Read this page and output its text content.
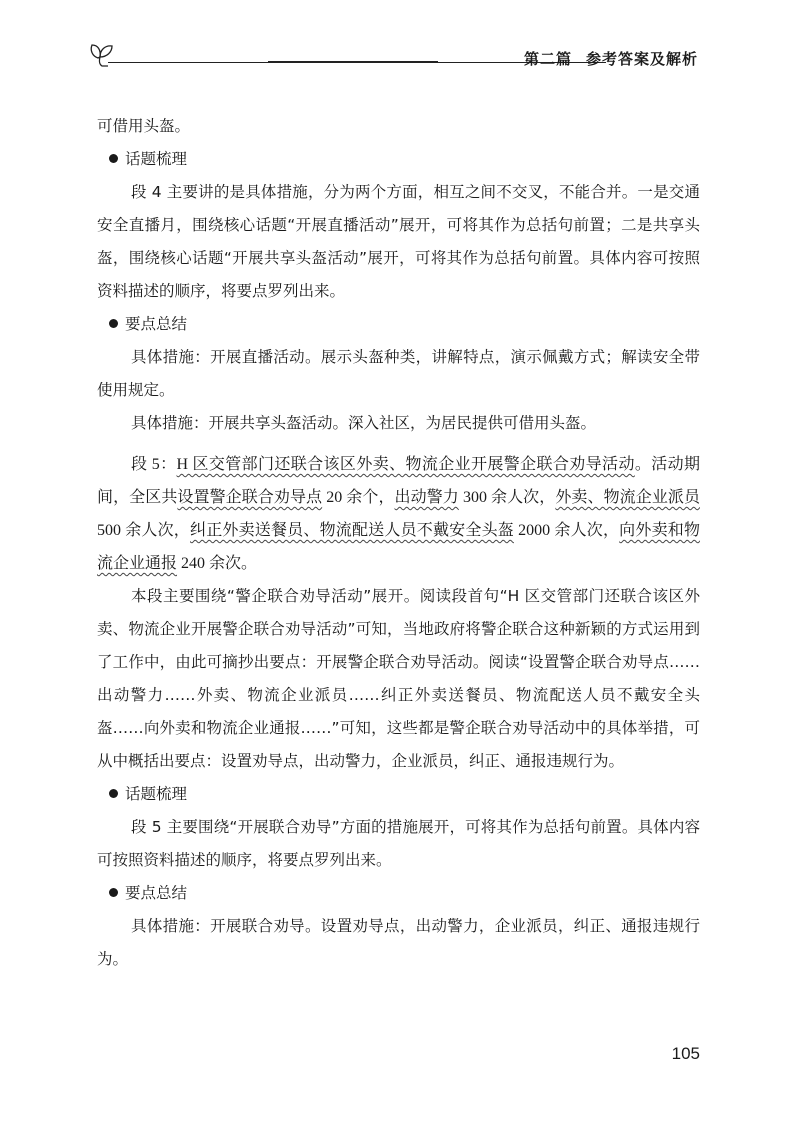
第二篇 参考答案及解析

可借用头盔。

话题梳理

段 4 主要讲的是具体措施，分为两个方面，相互之间不交叉，不能合并。一是交通安全直播月，围绕核心话题“开展直播活动”展开，可将其作为总括句前置；二是共享头盔，围绕核心话题“开展共享头盔活动”展开，可将其作为总括句前置。具体内容可按照资料描述的顺序，将要点罗列出来。

要点总结

具体措施：开展直播活动。展示头盔种类，讲解特点，演示佩戴方式；解读安全带使用规定。

具体措施：开展共享头盔活动。深入社区，为居民提供可借用头盔。

段 5：H 区交管部门还联合该区外卖、物流企业开展警企联合劝导活动。活动期间，全区共设置警企联合劝导点 20 余个，出动警力 300 余人次，外卖、物流企业派员 500 余人次，纠正外卖送餐员、物流配送人员不戴安全头盔 2000 余人次，向外卖和物流企业通报 240 余次。

本段主要围绕“警企联合劝导活动”展开。阅读段首句“H 区交管部门还联合该区外卖、物流企业开展警企联合劝导活动”可知，当地政府将警企联合这种新颖的方式运用到了工作中，由此可摘抄出要点：开展警企联合劝导活动。阅读“设置警企联合劝导点……出动警力……外卖、物流企业派员……纠正外卖送餐员、物流配送人员不戴安全头盔……向外卖和物流企业通报……”可知，这些都是警企联合劝导活动中的具体举措，可从中概括出要点：设置劝导点，出动警力，企业派员，纠正、通报违规行为。

话题梳理

段 5 主要围绕“开展联合劝导”方面的措施展开，可将其作为总括句前置。具体内容可按照资料描述的顺序，将要点罗列出来。

要点总结

具体措施：开展联合劝导。设置劝导点，出动警力，企业派员，纠正、通报违规行为。

105
